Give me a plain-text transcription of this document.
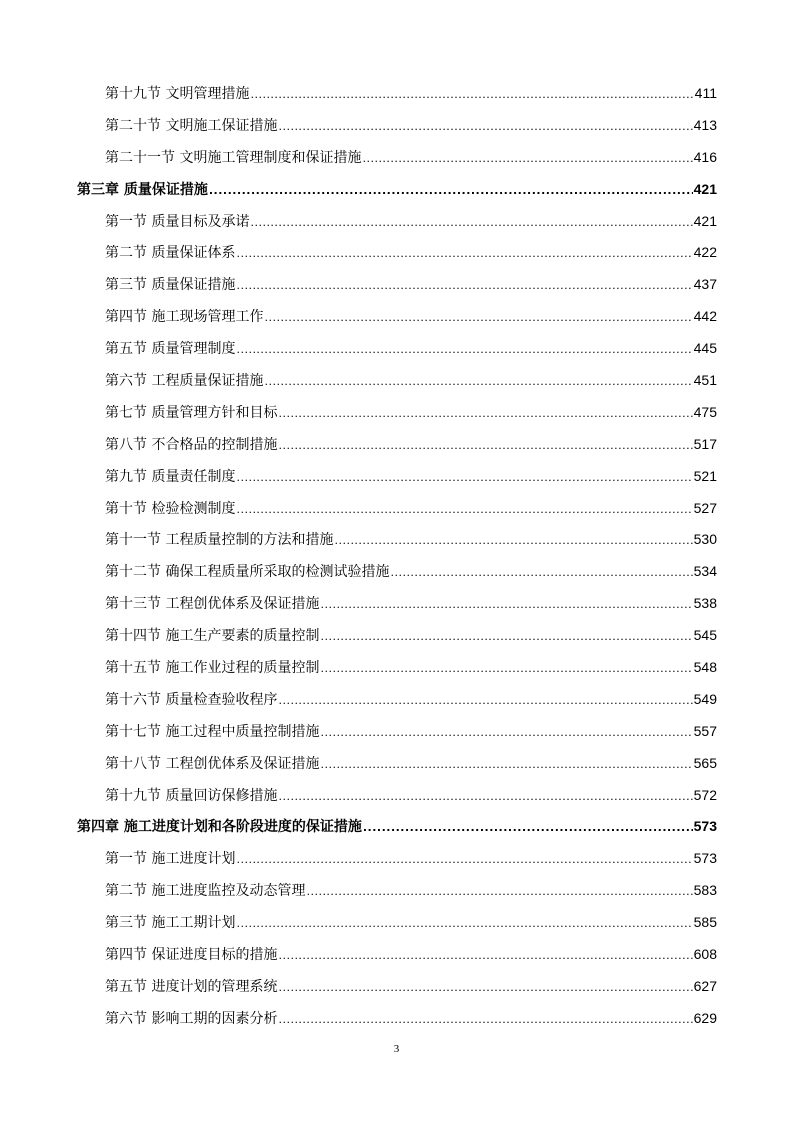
第十九节 文明管理措施 .....	411
第二十节 文明施工保证措施 .....	413
第二十一节 文明施工管理制度和保证措施 .....	416
第三章 质量保证措施 .....	421
第一节 质量目标及承诺 .....	421
第二节 质量保证体系 .....	422
第三节 质量保证措施 .....	437
第四节 施工现场管理工作 .....	442
第五节 质量管理制度 .....	445
第六节 工程质量保证措施 .....	451
第七节 质量管理方针和目标 .....	475
第八节 不合格品的控制措施 .....	517
第九节 质量责任制度 .....	521
第十节 检验检测制度 .....	527
第十一节 工程质量控制的方法和措施 .....	530
第十二节 确保工程质量所采取的检测试验措施 .....	534
第十三节 工程创优体系及保证措施 .....	538
第十四节 施工生产要素的质量控制 .....	545
第十五节 施工作业过程的质量控制 .....	548
第十六节 质量检查验收程序 .....	549
第十七节 施工过程中质量控制措施 .....	557
第十八节 工程创优体系及保证措施 .....	565
第十九节 质量回访保修措施 .....	572
第四章 施工进度计划和各阶段进度的保证措施 .....	573
第一节 施工进度计划 .....	573
第二节 施工进度监控及动态管理 .....	583
第三节 施工工期计划 .....	585
第四节 保证进度目标的措施 .....	608
第五节 进度计划的管理系统 .....	627
第六节 影响工期的因素分析 .....	629
3
